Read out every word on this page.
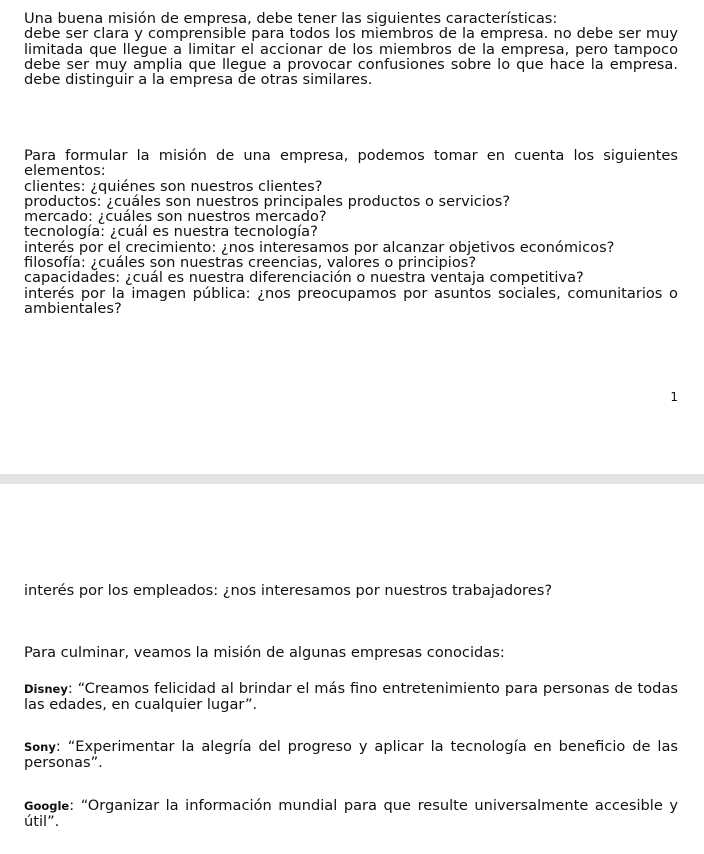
Una buena misión de empresa, debe tener las siguientes características:

debe ser clara y comprensible para todos los miembros de la empresa. no debe ser muy limitada que llegue a limitar el accionar de los miembros de la empresa, pero tampoco debe ser muy amplia que llegue a provocar confusiones sobre lo que hace la empresa. debe distinguir a la empresa de otras similares.

Para formular la misión de una empresa, podemos tomar en cuenta los siguientes elementos:

clientes: ¿quiénes son nuestros clientes?

productos: ¿cuáles son nuestros principales productos o servicios?

mercado: ¿cuáles son nuestros mercado?

tecnología: ¿cuál es nuestra tecnología?

interés por el crecimiento: ¿nos interesamos por alcanzar objetivos económicos?

filosofía: ¿cuáles son nuestras creencias, valores o principios?

capacidades: ¿cuál es nuestra diferenciación o nuestra ventaja competitiva?

interés por la imagen pública: ¿nos preocupamos por asuntos sociales, comunitarios o ambientales?

1
interés por los empleados: ¿nos interesamos por nuestros trabajadores?
Para culminar, veamos la misión de algunas empresas conocidas:
Disney: “Creamos felicidad al brindar el más fino entretenimiento para personas de todas las edades, en cualquier lugar”.
Sony: “Experimentar la alegría del progreso y aplicar la tecnología en beneficio de las personas”.
Google: “Organizar la información mundial para que resulte universalmente accesible y útil”.
